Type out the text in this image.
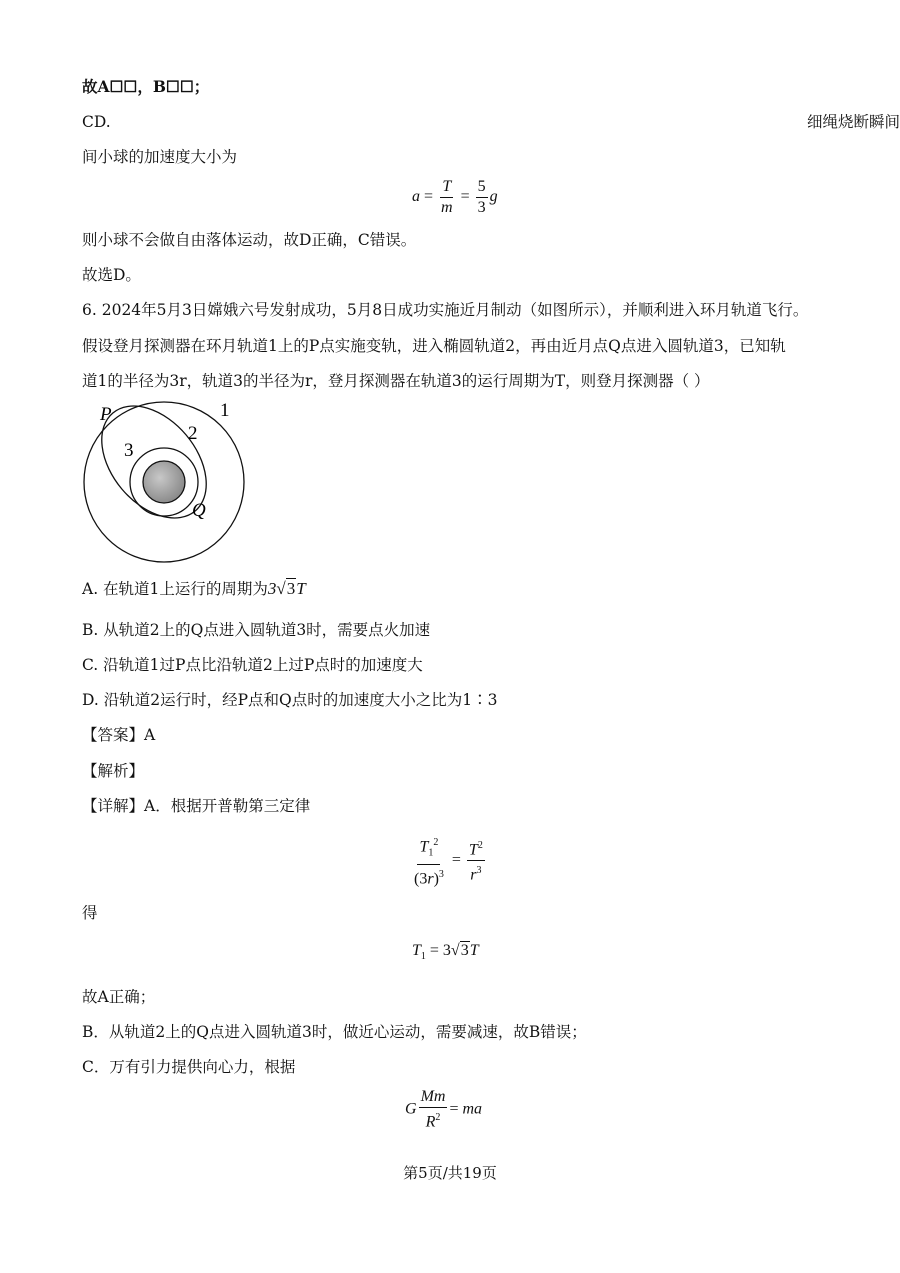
故A☐☐，B☐☐；
CD.	细绳烧断瞬间
间小球的加速度大小为
$a = \frac{T}{m} = \frac{5}{3}$ g
则小球不会做自由落体运动，故D正确，C错误。
故选D。
6. 2024年5月3日嫦娥六号发射成功，5月8日成功实施近月制动（如图所示），并顺利进入环月轨道飞行。
假设登月探测器在环月轨道1上的P点实施变轨，进入椭圆轨道2，再由近月点Q点进入圆轨道3，已知轨
道1的半径为3r，轨道3的半径为r，登月探测器在轨道3的运行周期为T，则登月探测器（ ）
P
Q
1
2
3
A. 在轨道1上运行的周期为3√3T
B. 从轨道2上的Q点进入圆轨道3时，需要点火加速
C. 沿轨道1过P点比沿轨道2上过P点时的加速度大
D. 沿轨道2运行时，经P点和Q点时的加速度大小之比为1∶3
【答案】A
【解析】
【详解】A．根据开普勒第三定律
$\frac{T_1^2}{(3r)^3} = \frac{T^2}{r^3}$
得
$T_1 = 3√3T$
故A正确；
B．从轨道2上的Q点进入圆轨道3时，做近心运动，需要减速，故B错误；
C．万有引力提供向心力，根据
G $\frac{Mm}{R^2}$ = ma
第5页/共19页
